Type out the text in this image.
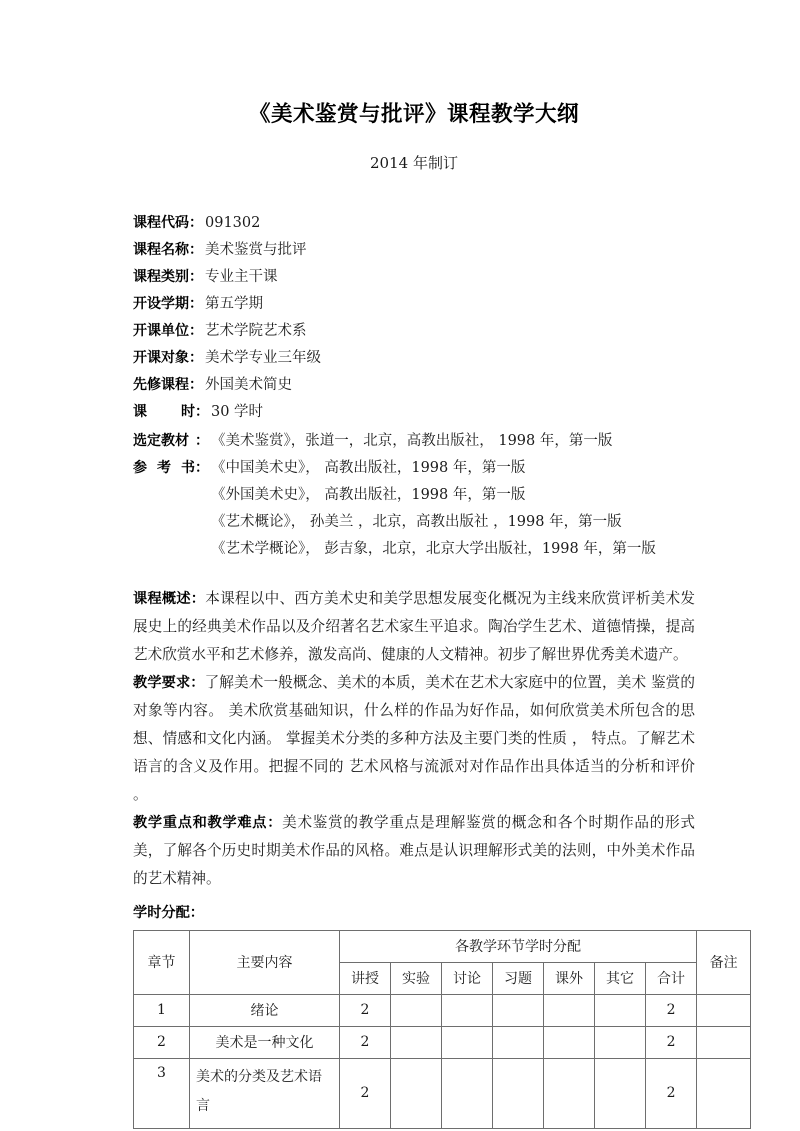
《美术鉴赏与批评》课程教学大纲
2014 年制订
课程代码： 091302
课程名称： 美术鉴赏与批评
课程类别： 专业主干课
开设学期： 第五学期
开课单位： 艺术学院艺术系
开课对象： 美术学专业三年级
先修课程： 外国美术简史
课 时： 30 学时
选定教材 ： 《美术鉴赏》，张道一，北京，高教出版社， 1998 年，第一版
参 考 书： 《中国美术史》， 高教出版社，1998 年，第一版
《外国美术史》， 高教出版社，1998 年，第一版
《艺术概论》， 孙美兰 ，北京，高教出版社 ，1998 年，第一版
《艺术学概论》， 彭吉象，北京，北京大学出版社，1998 年，第一版

课程概述：本课程以中、西方美术史和美学思想发展变化概况为主线来欣赏评析美术发展史上的经典美术作品以及介绍著名艺术家生平追求。陶冶学生艺术、道德情操，提高艺术欣赏水平和艺术修养，激发高尚、健康的人文精神。初步了解世界优秀美术遗产。

教学要求：了解美术一般概念、美术的本质，美术在艺术大家庭中的位置，美术 鉴赏的对象等内容。 美术欣赏基础知识，什么样的作品为好作品，如何欣赏美术所包含的思想、情感和文化内涵。 掌握美术分类的多种方法及主要门类的性质 ， 特点。了解艺术语言的含义及作用。把握不同的 艺术风格与流派对对作品作出具体适当的分析和评价 。

教学重点和教学难点：美术鉴赏的教学重点是理解鉴赏的概念和各个时期作品的形式美，了解各个历史时期美术作品的风格。难点是认识理解形式美的法则，中外美术作品的艺术精神。

学时分配：
章节	主要内容	各教学环节学时分配							备注
		讲授	实验	讨论	习题	课外	其它	合计	
1	绪论	2						2	
2	美术是一种文化	2						2	
3	美术的分类及艺术语言	2						2	
